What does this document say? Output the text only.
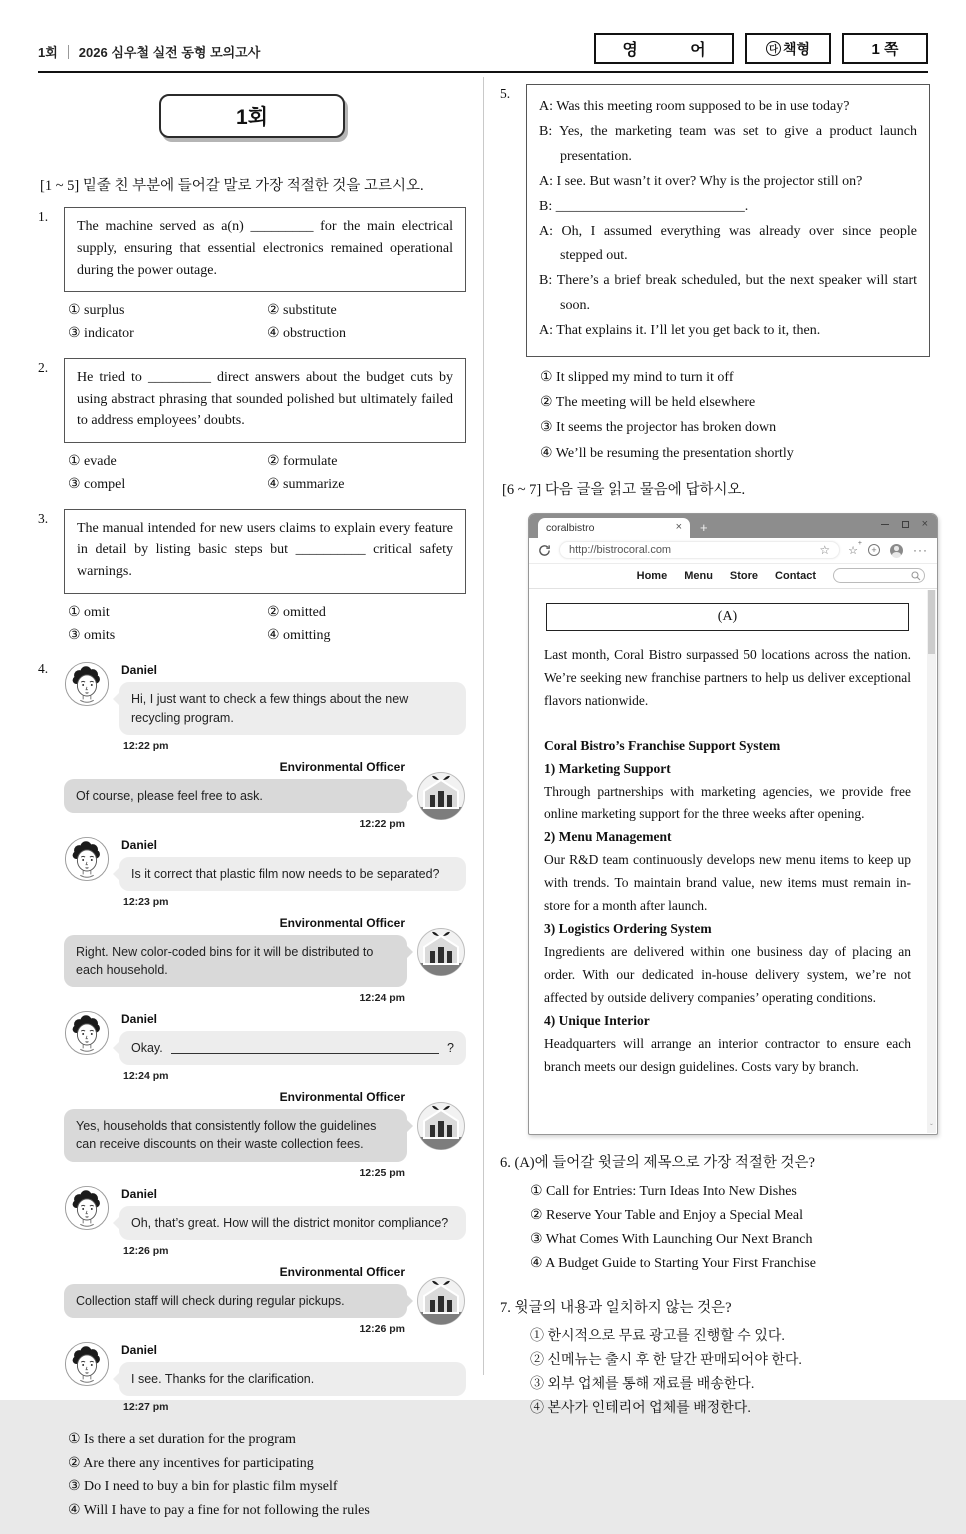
1회 2026 심우철 실전 동형 모의고사	영 어	다 책형	1 쪽
1회
[1 ~ 5] 밑줄 친 부분에 들어갈 말로 가장 적절한 것을 고르시오.
1.
The machine served as a(n) _________ for the main electrical supply, ensuring that essential electronics remained operational during the power outage.
① surplus	② substitute
③ indicator	④ obstruction
2.
He tried to _________ direct answers about the budget cuts by using abstract phrasing that sounded polished but ultimately failed to address employees’ doubts.
① evade	② formulate
③ compel	④ summarize
3.
The manual intended for new users claims to explain every feature in detail by listing basic steps but __________ critical safety warnings.
① omit	② omitted
③ omits	④ omitting
4.	Daniel
Hi, I just want to check a few things about the new recycling program.
12:22 pm
Environmental Officer
Of course, please feel free to ask.
12:22 pm
Daniel
Is it correct that plastic film now needs to be separated?
12:23 pm
Environmental Officer
Right. New color-coded bins for it will be distributed to each household.
12:24 pm
Daniel
Okay.	?
12:24 pm
Environmental Officer
Yes, households that consistently follow the guidelines can receive discounts on their waste collection fees.
12:25 pm
Daniel
Oh, that’s great. How will the district monitor compliance?
12:26 pm
Environmental Officer
Collection staff will check during regular pickups.
12:26 pm
Daniel
I see. Thanks for the clarification.
12:27 pm
① Is there a set duration for the program
② Are there any incentives for participating
③ Do I need to buy a bin for plastic film myself
④ Will I have to pay a fine for not following the rules
5.
A: Was this meeting room supposed to be in use today?
B: Yes, the marketing team was set to give a product launch presentation.
A: I see. But wasn’t it over? Why is the projector still on?
B: ___________________________.
A: Oh, I assumed everything was already over since people stepped out.
B: There’s a brief break scheduled, but the next speaker will start soon.
A: That explains it. I’ll let you get back to it, then.
① It slipped my mind to turn it off
② The meeting will be held elsewhere
③ It seems the projector has broken down
④ We’ll be resuming the presentation shortly
[6 ~ 7] 다음 글을 읽고 물음에 답하시오.
coralbistro	× +	×
http://bistrocoral.com	☆ ☆
+
+	···
Home Menu Store Contact
(A)
Last month, Coral Bistro surpassed 50 locations across the nation. We’re seeking new franchise partners to help us deliver exceptional flavors nationwide.
Coral Bistro’s Franchise Support System
1) Marketing Support
Through partnerships with marketing agencies, we provide free online marketing support for the three weeks after opening.
2) Menu Management
Our R&D team continuously develops new menu items to keep up with trends. To maintain brand value, new items must remain in-store for a month after launch.
3) Logistics Ordering System
Ingredients are delivered within one business day of placing an order. With our dedicated in-house delivery system, we’re not affected by outside delivery companies’ operating conditions.
4) Unique Interior
Headquarters will arrange an interior contractor to ensure each branch meets our design guidelines. Costs vary by branch.
ˇ
6. (A)에 들어갈 윗글의 제목으로 가장 적절한 것은?
① Call for Entries: Turn Ideas Into New Dishes
② Reserve Your Table and Enjoy a Special Meal
③ What Comes With Launching Our Next Branch
④ A Budget Guide to Starting Your First Franchise
7. 윗글의 내용과 일치하지 않는 것은?
① 한시적으로 무료 광고를 진행할 수 있다.
② 신메뉴는 출시 후 한 달간 판매되어야 한다.
③ 외부 업체를 통해 재료를 배송한다.
④ 본사가 인테리어 업체를 배정한다.
